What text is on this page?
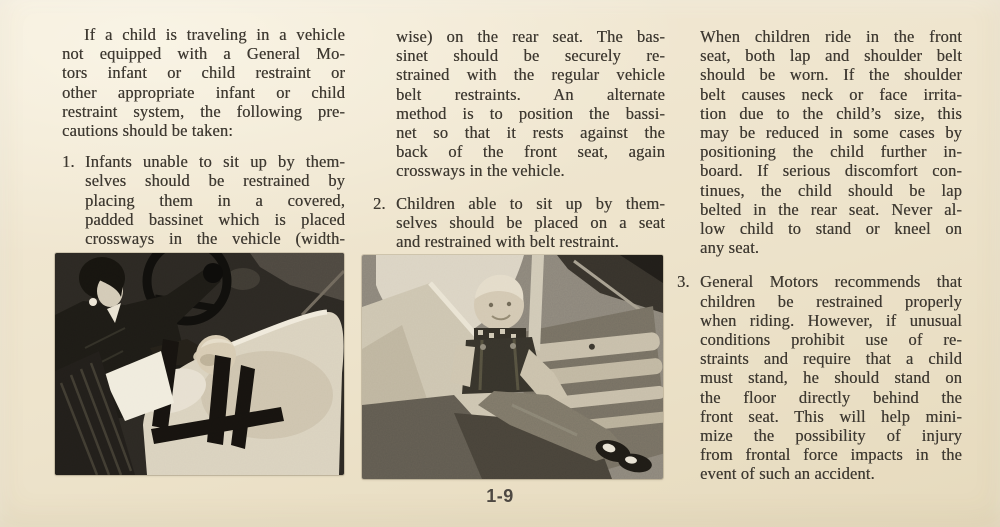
If a child is traveling in a vehicle
not equipped with a General Mo-
tors infant or child restraint or
other appropriate infant or child
restraint system, the following pre-
cautions should be taken:
1. Infants unable to sit up by them-
selves should be restrained by
placing them in a covered,
padded bassinet which is placed
crossways in the vehicle (width-
wise) on the rear seat. The bas-
sinet should be securely re-
strained with the regular vehicle
belt restraints. An alternate
method is to position the bassi-
net so that it rests against the
back of the front seat, again
crossways in the vehicle.
2. Children able to sit up by them-
selves should be placed on a seat
and restrained with belt restraint.
When children ride in the front
seat, both lap and shoulder belt
should be worn. If the shoulder
belt causes neck or face irrita-
tion due to the child’s size, this
may be reduced in some cases by
positioning the child further in-
board. If serious discomfort con-
tinues, the child should be lap
belted in the rear seat. Never al-
low child to stand or kneel on
any seat.
3. General Motors recommends that
children be restrained properly
when riding. However, if unusual
conditions prohibit use of re-
straints and require that a child
must stand, he should stand on
the floor directly behind the
front seat. This will help mini-
mize the possibility of injury
from frontal force impacts in the
event of such an accident.
1-9
